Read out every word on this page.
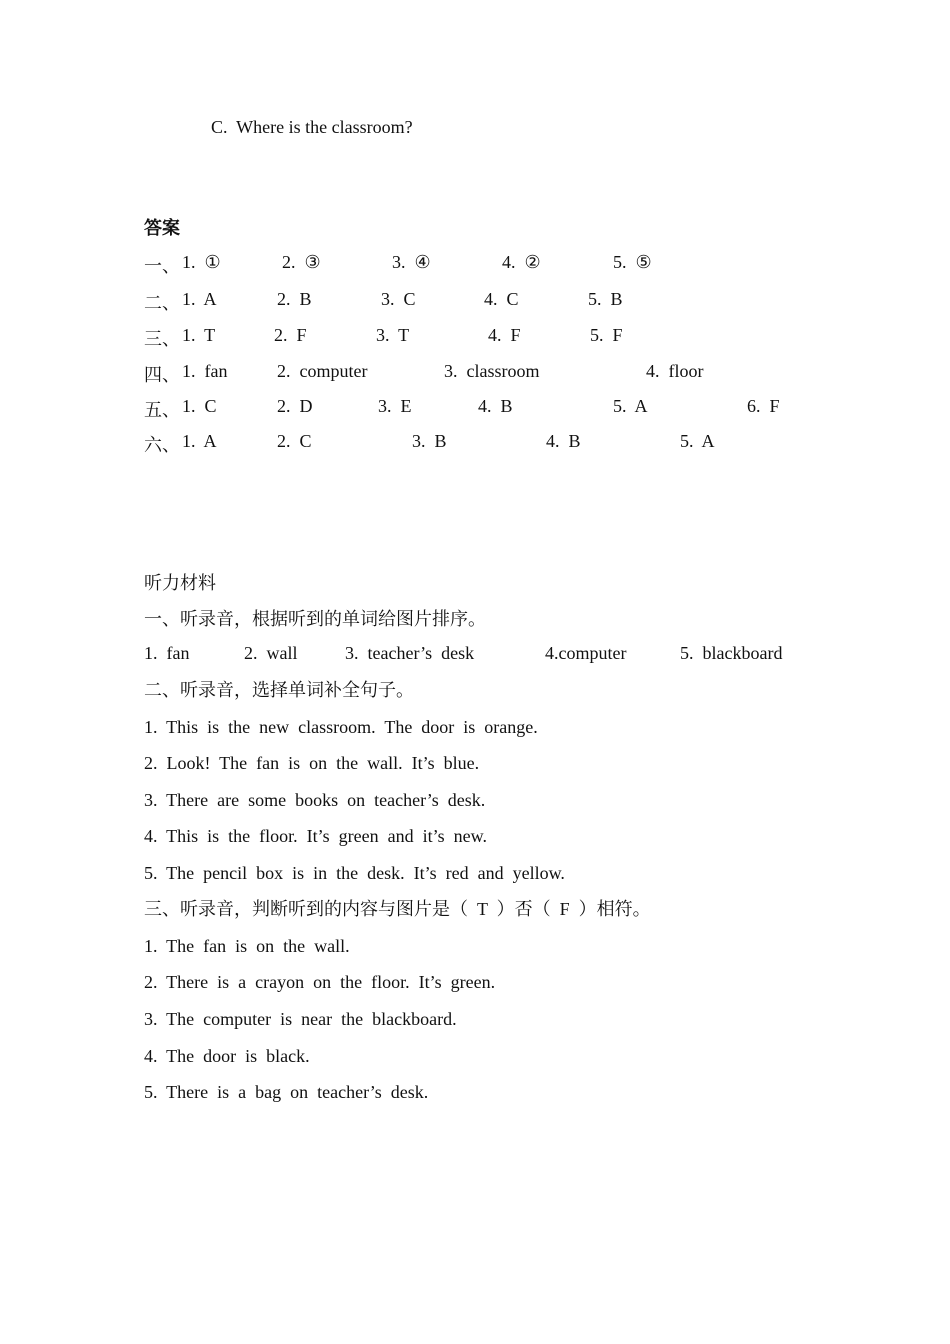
C.  Where is the classroom?
答案
一、 1.  ①	2.  ③	3.  ④	4.  ②	5.  ⑤
二、 1.  A	2.  B	3.  C	4.  C	5.  B
三、 1.  T	2.  F	3.  T	4.  F	5.  F
四、 1.  fan	2.  computer	3.  classroom	4.  floor
五、 1.  C	2.  D	3.  E	4.  B	5.  A	6.  F
六、 1.  A	2.  C	3.  B	4.  B	5.  A
听力材料
一、听录音，根据听到的单词给图片排序。
1.  fan	2.  wall	3.  teacher’s  desk	4.computer	5.  blackboard
二、听录音，选择单词补全句子。
1.  This  is  the  new  classroom.  The  door  is  orange.
2.  Look!  The  fan  is  on  the  wall.  It’s  blue.
3.  There  are  some  books  on  teacher’s  desk.
4.  This  is  the  floor.  It’s  green  and  it’s  new.
5.  The  pencil  box  is  in  the  desk.  It’s  red  and  yellow.
三、听录音，判断听到的内容与图片是（  T  ）否（  F  ）相符。
1.  The  fan  is  on  the  wall.
2.  There  is  a  crayon  on  the  floor.  It’s  green.
3.  The  computer  is  near  the  blackboard.
4.  The  door  is  black.
5.  There  is  a  bag  on  teacher’s  desk.
